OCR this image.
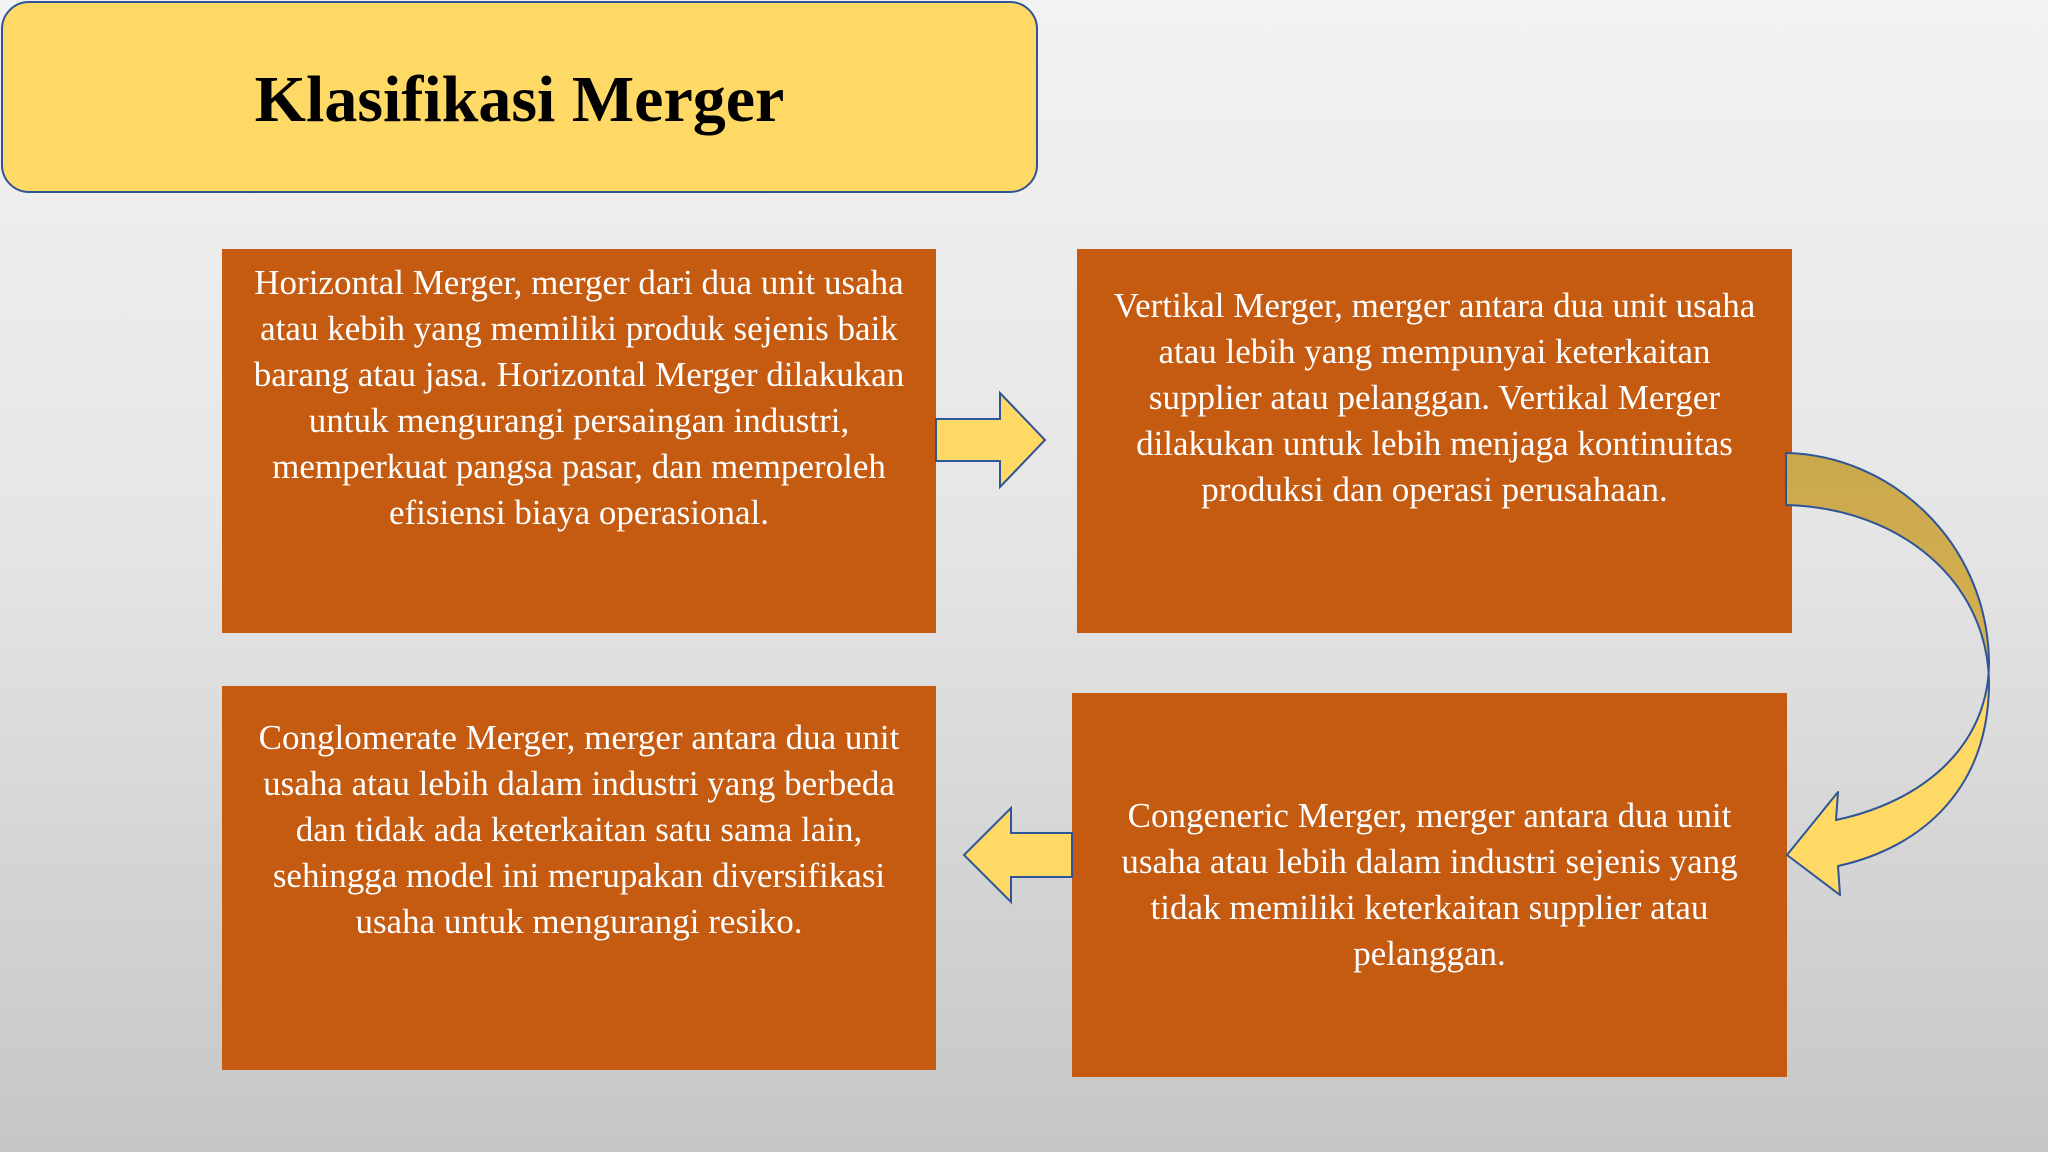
Klasifikasi Merger

Horizontal Merger, merger dari dua unit usaha atau kebih yang memiliki produk sejenis baik barang atau jasa. Horizontal Merger dilakukan untuk mengurangi persaingan industri, memperkuat pangsa pasar, dan memperoleh efisiensi biaya operasional.

Vertikal Merger, merger antara dua unit usaha atau lebih yang mempunyai keterkaitan supplier atau pelanggan. Vertikal Merger dilakukan untuk lebih menjaga kontinuitas produksi dan operasi perusahaan.

Conglomerate Merger, merger antara dua unit usaha atau lebih dalam industri yang berbeda dan tidak ada keterkaitan satu sama lain, sehingga model ini merupakan diversifikasi usaha untuk mengurangi resiko.

Congeneric Merger, merger antara dua unit usaha atau lebih dalam industri sejenis yang tidak memiliki keterkaitan supplier atau pelanggan.
